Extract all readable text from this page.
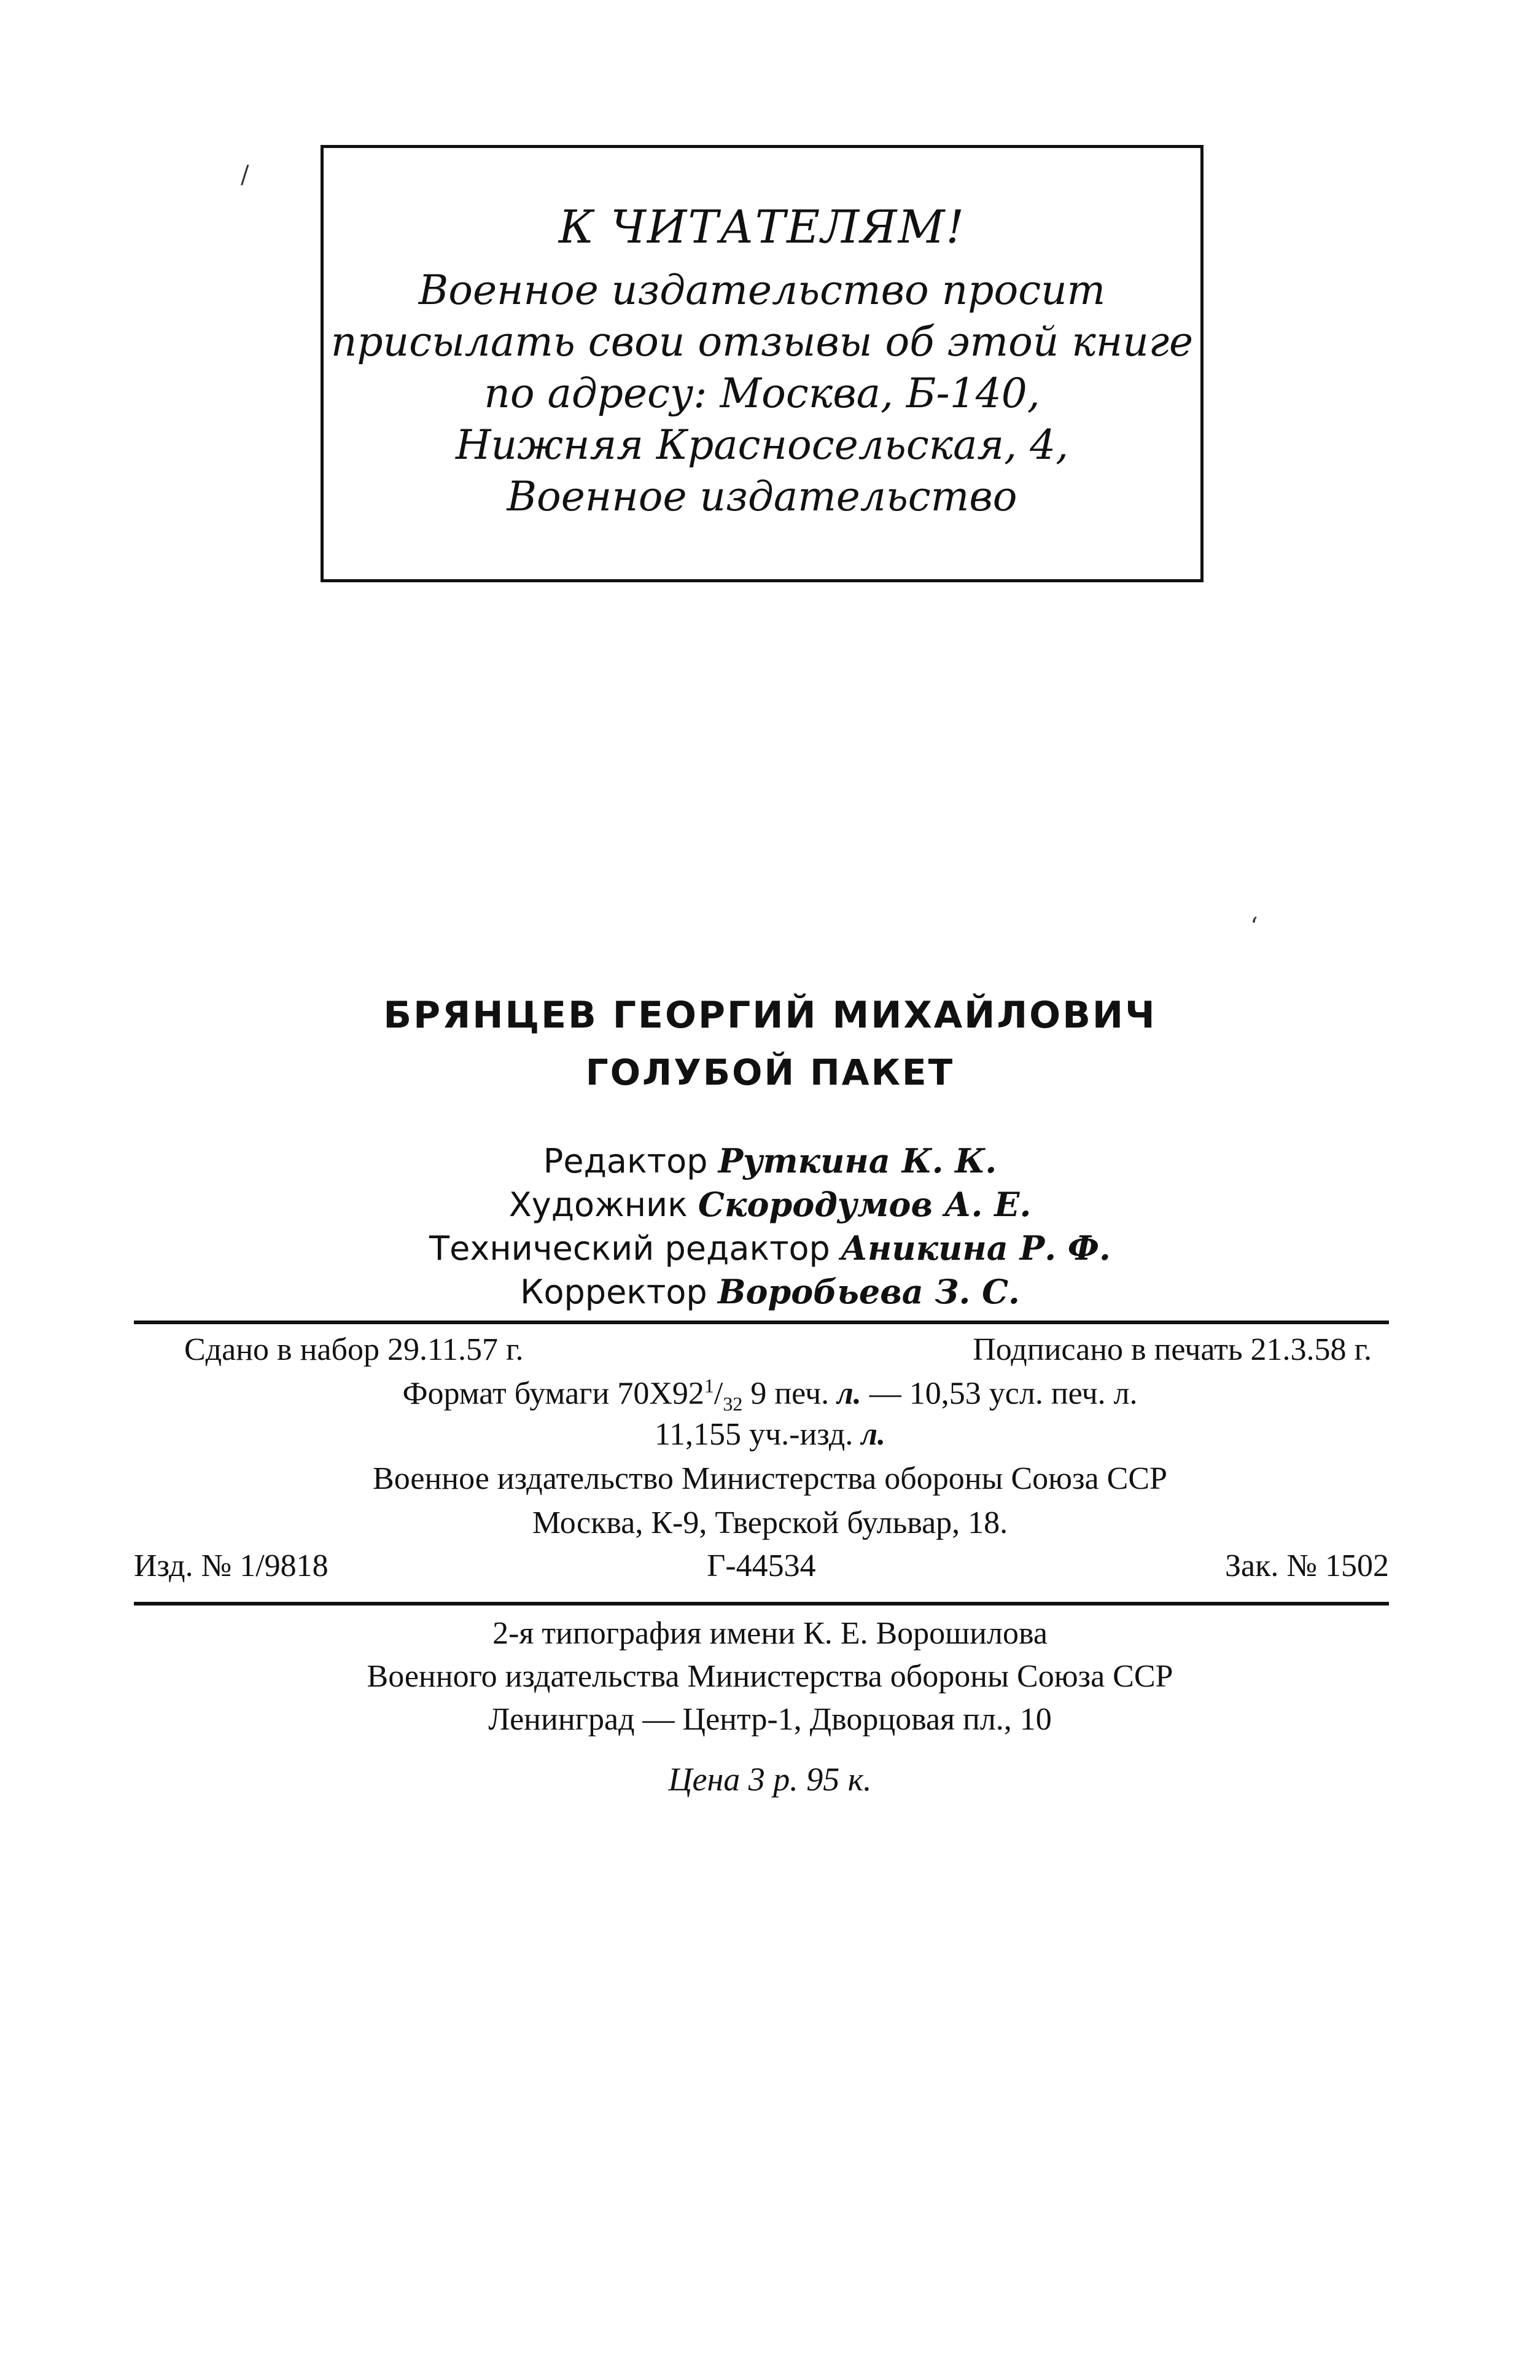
/
‘
К ЧИТАТЕЛЯМ!
Военное издательство просит
присылать свои отзывы об этой книге
по адресу: Москва, Б-140,
Нижняя Красносельская, 4,
Военное издательство
БРЯНЦЕВ ГЕОРГИЙ МИХАЙЛОВИЧ
ГОЛУБОЙ ПАКЕТ
Редактор Руткина К. К.
Художник Скородумов А. Е.
Технический редактор Аникина Р. Ф.
Корректор Воробьева З. С.
Сдано в набор 29.11.57 г.	Подписано в печать 21.3.58 г.
Формат бумаги $70Х92^1/_{32}$ 9 печ. л. — 10,53 усл. печ. л.
11,155 уч.-изд. л.
Военное издательство Министерства обороны Союза ССР
Москва, К-9, Тверской бульвар, 18.
Изд. № 1/9818	Г-44534	Зак. № 1502
2-я типография имени К. Е. Ворошилова
Военного издательства Министерства обороны Союза ССР
Ленинград — Центр-1, Дворцовая пл., 10
Цена 3 р. 95 к.
